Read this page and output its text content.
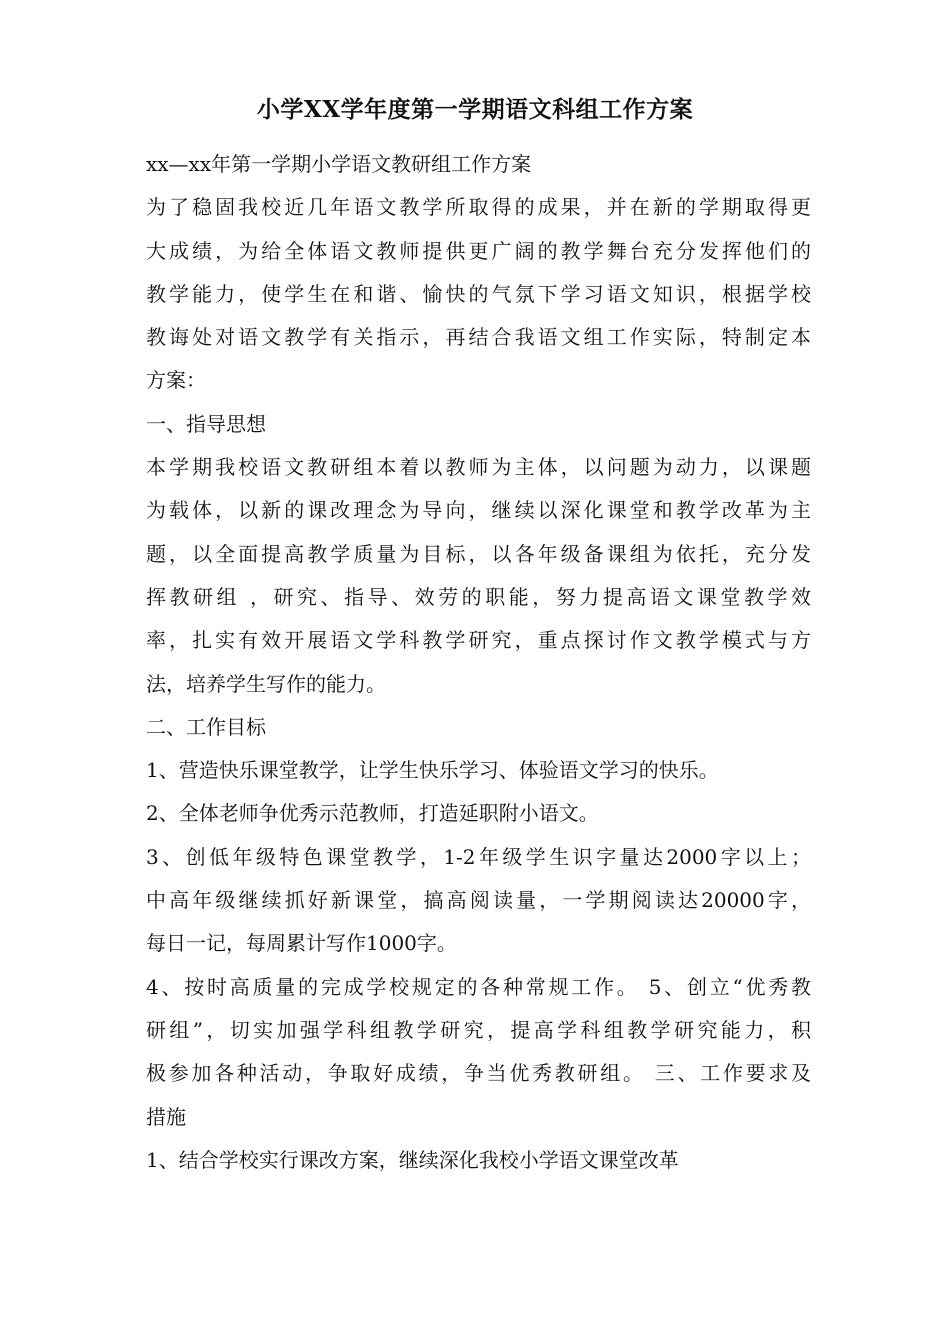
小学XX学年度第一学期语文科组工作方案
xx—xx年第一学期小学语文教研组工作方案
为了稳固我校近几年语文教学所取得的成果，并在新的学期取得更
大成绩，为给全体语文教师提供更广阔的教学舞台充分发挥他们的
教学能力，使学生在和谐、愉快的气氛下学习语文知识，根据学校
教诲处对语文教学有关指示，再结合我语文组工作实际，特制定本
方案：
一、指导思想
本学期我校语文教研组本着以教师为主体，以问题为动力，以课题
为载体，以新的课改理念为导向，继续以深化课堂和教学改革为主
题，以全面提高教学质量为目标，以各年级备课组为依托，充分发
挥教研组 ，研究、指导、效劳的职能，努力提高语文课堂教学效
率，扎实有效开展语文学科教学研究，重点探讨作文教学模式与方
法，培养学生写作的能力。
二、工作目标
1、营造快乐课堂教学，让学生快乐学习、体验语文学习的快乐。
2、全体老师争优秀示范教师，打造延职附小语文。
3、创低年级特色课堂教学，1-2年级学生识字量达2000字以上；
中高年级继续抓好新课堂，搞高阅读量，一学期阅读达20000字，
每日一记，每周累计写作1000字。
4、按时高质量的完成学校规定的各种常规工作。 5、创立“优秀教
研组”，切实加强学科组教学研究，提高学科组教学研究能力，积
极参加各种活动，争取好成绩，争当优秀教研组。 三、工作要求及
措施
1、结合学校实行课改方案，继续深化我校小学语文课堂改革
